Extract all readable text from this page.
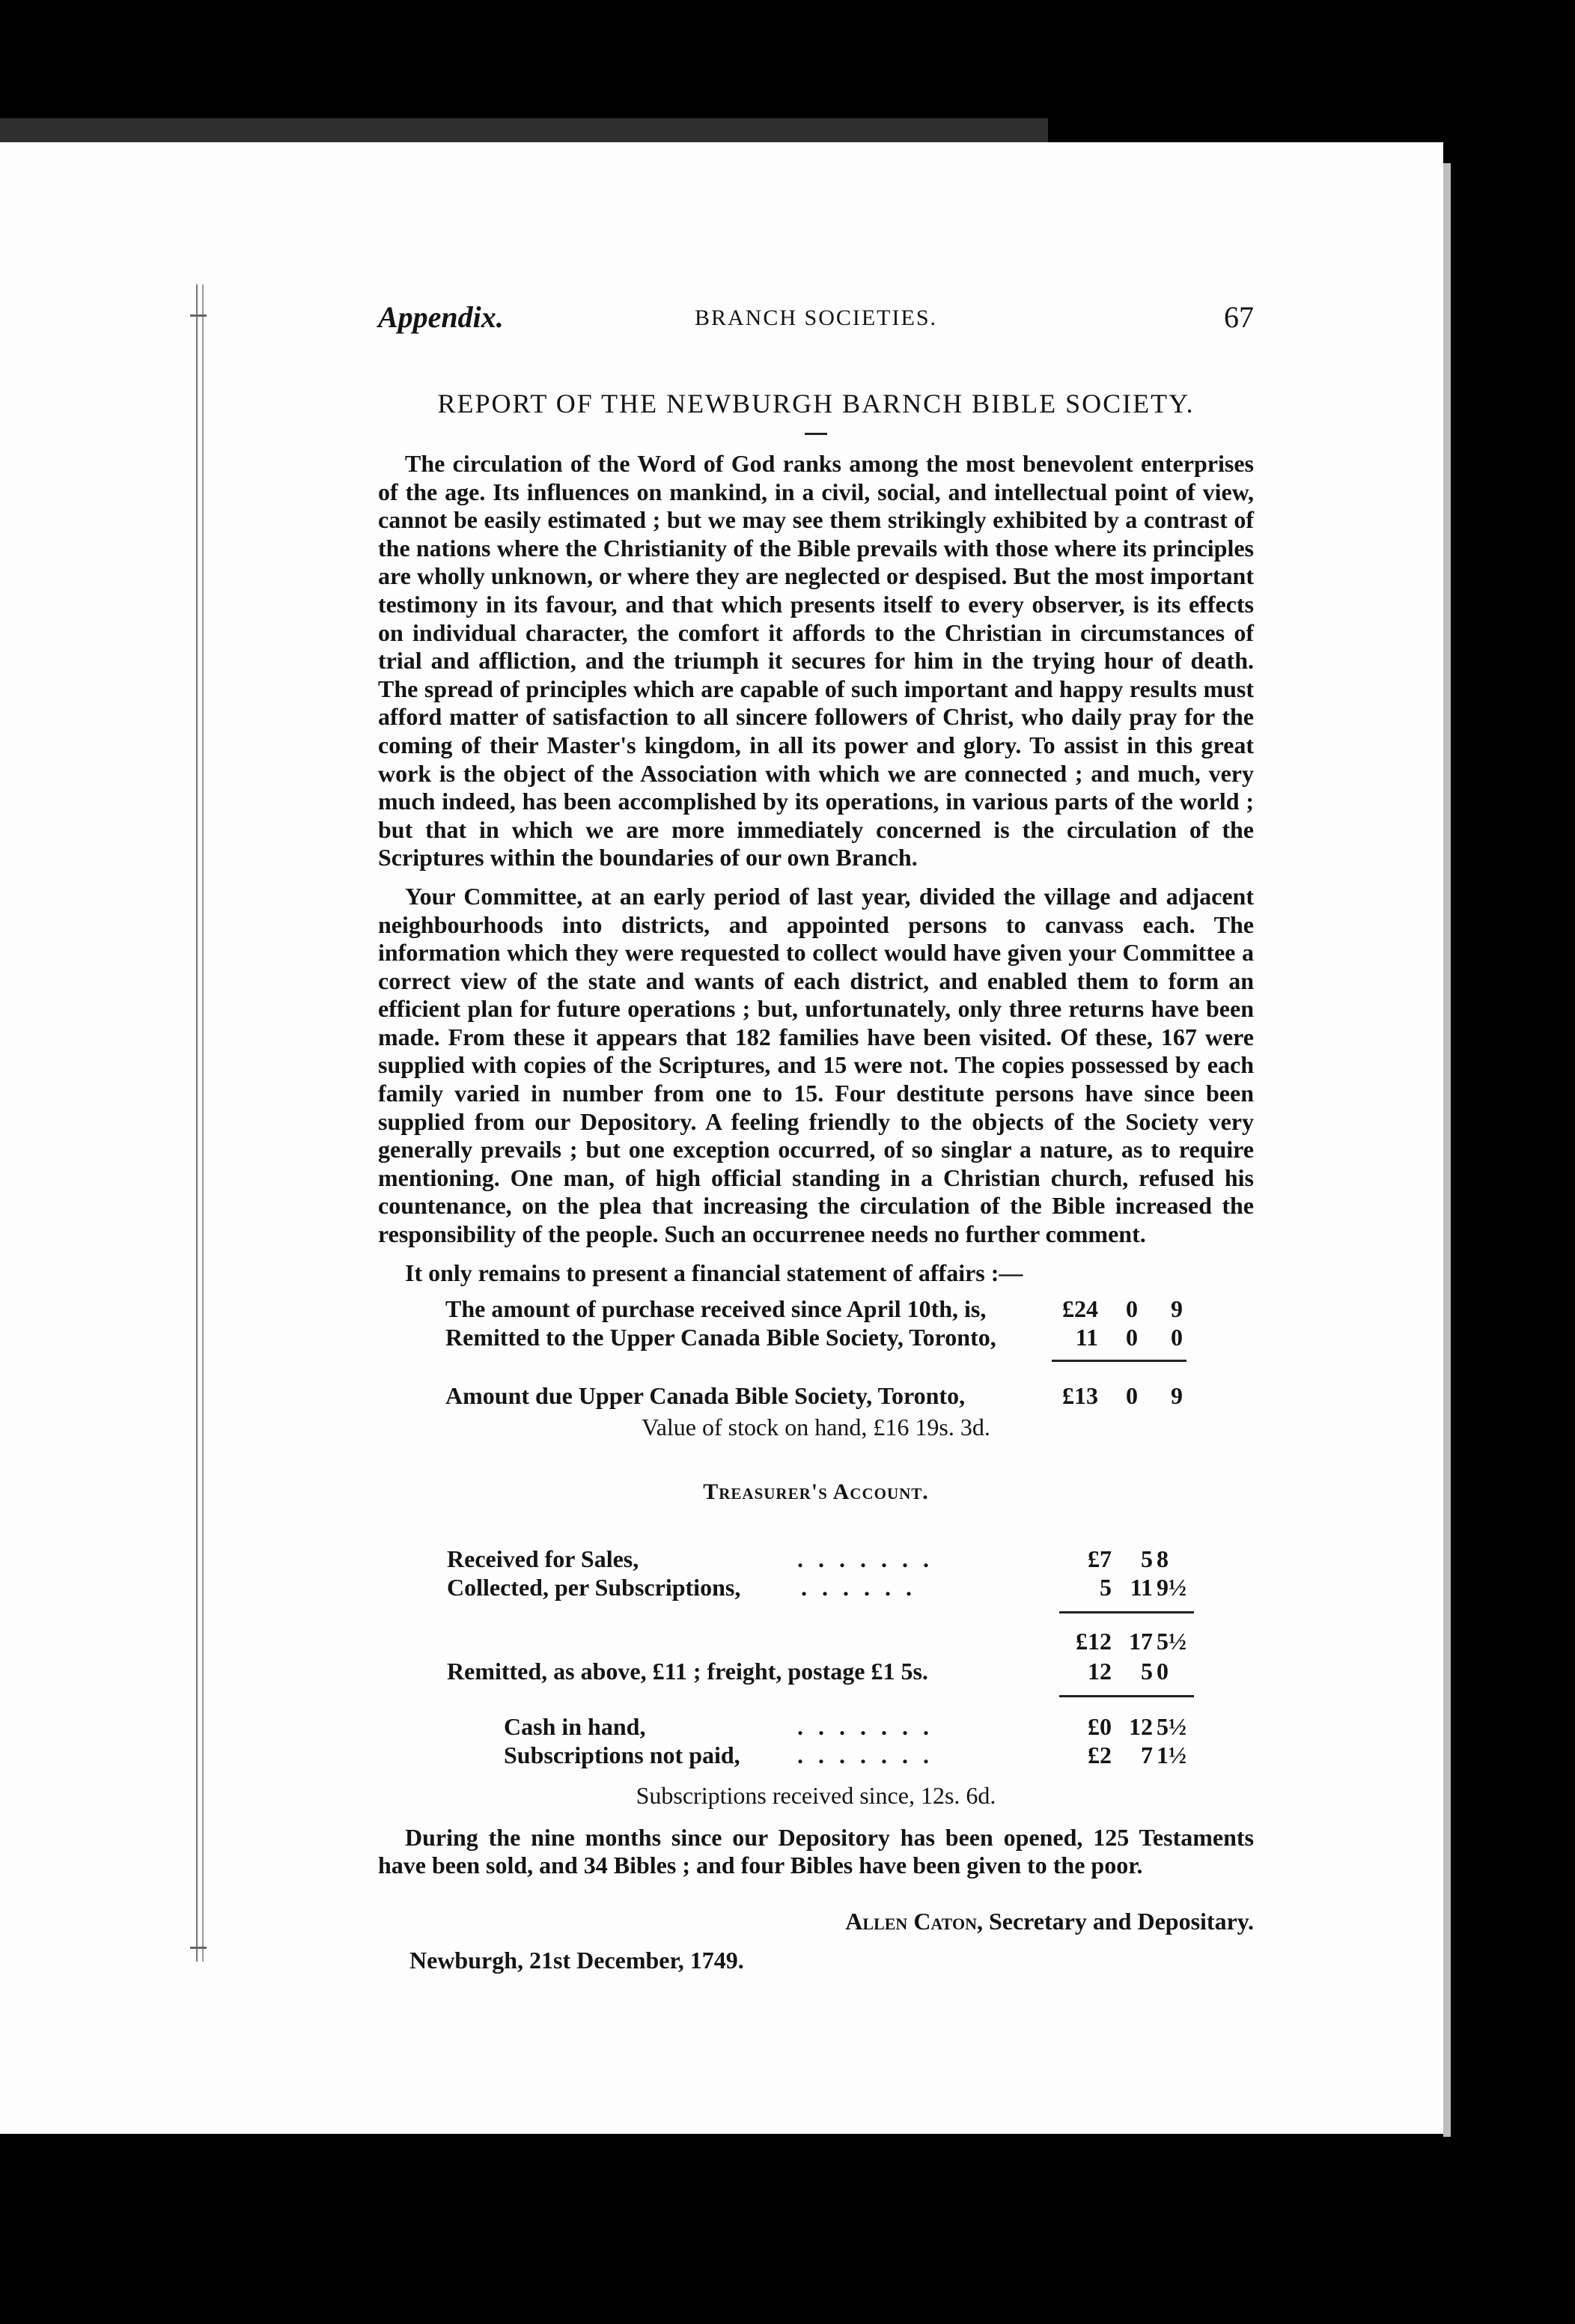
Appendix.	BRANCH SOCIETIES.	67
REPORT OF THE NEWBURGH BARNCH BIBLE SOCIETY.

The circulation of the Word of God ranks among the most benevolent enterprises of the age. Its influences on mankind, in a civil, social, and intellectual point of view, cannot be easily estimated ; but we may see them strikingly exhibited by a contrast of the nations where the Christianity of the Bible prevails with those where its principles are wholly unknown, or where they are neglected or despised. But the most important testimony in its favour, and that which presents itself to every observer, is its effects on individual character, the comfort it affords to the Christian in circumstances of trial and affliction, and the triumph it secures for him in the trying hour of death. The spread of principles which are capable of such important and happy results must afford matter of satisfaction to all sincere followers of Christ, who daily pray for the coming of their Master's kingdom, in all its power and glory. To assist in this great work is the object of the Association with which we are connected ; and much, very much indeed, has been accomplished by its operations, in various parts of the world ; but that in which we are more immediately concerned is the circulation of the Scriptures within the boundaries of our own Branch.

Your Committee, at an early period of last year, divided the village and adjacent neighbourhoods into districts, and appointed persons to canvass each. The information which they were requested to collect would have given your Committee a correct view of the state and wants of each district, and enabled them to form an efficient plan for future operations ; but, unfortunately, only three returns have been made. From these it appears that 182 families have been visited. Of these, 167 were supplied with copies of the Scriptures, and 15 were not. The copies possessed by each family varied in number from one to 15. Four destitute persons have since been supplied from our Depository. A feeling friendly to the objects of the Society very generally prevails ; but one exception occurred, of so singlar a nature, as to require mentioning. One man, of high official standing in a Christian church, refused his countenance, on the plea that increasing the circulation of the Bible increased the responsibility of the people. Such an occurrenee needs no further comment.

It only remains to present a financial statement of affairs :—
The amount of purchase received since April 10th, is,	£24	0	9
Remitted to the Upper Canada Bible Society, Toronto,	11	0	0
Amount due Upper Canada Bible Society, Toronto,	£13	0	9
Value of stock on hand, £16 19s. 3d.
Treasurer's Account.
Received for Sales,	. . . . . . .	£7	5 8
Collected, per Subscriptions,	. . . . . .	5 11 9½
£12 17 5½
Remitted, as above, £11 ; freight, postage £1 5s.	12	5 0
Cash in hand,	. . . . . . .	£0 12 5½
Subscriptions not paid, . . . . . . .	£2	7 1½
Subscriptions received since, 12s. 6d.
During the nine months since our Depository has been opened, 125 Testaments have been sold, and 34 Bibles ; and four Bibles have been given to the poor.
Allen Caton, Secretary and Depositary.
Newburgh, 21st December, 1749.
